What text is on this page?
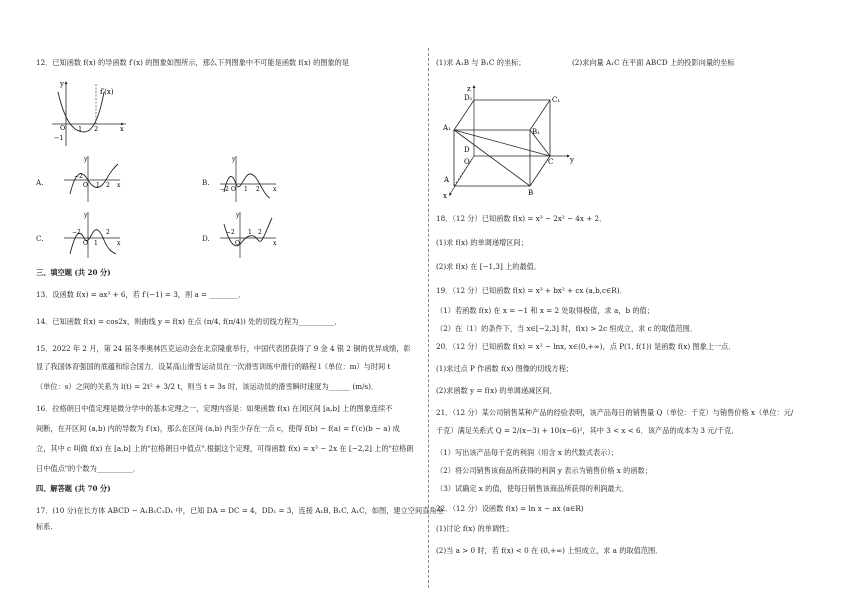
12．已知函数 f(x) 的导函数 f′(x) 的图象如图所示，那么下列图象中不可能是函数 f(x) 的图象的是
y
O 1 2	x
−1
f′(x)
A.
y
−2
O 1 2 x	B.
y
−2 O 1 2 x
C.
y
−2
O 1
2
x
D.
y
−2
O
1 2
x
三、填空题 (共 20 分)
13．设函数 f(x) = ax³ + 6，若 f′(−1) = 3，则 a = ________．
14．已知函数 f(x) = cos2x，则曲线 y = f(x) 在点 (π/4, f(π/4)) 处的切线方程为__________．
15．2022 年 2 月，第 24 届冬季奥林匹克运动会在北京隆重举行，中国代表团获得了 9 金 4 银 2 铜的优异成绩，彰
显了我国体育强国的底蕴和综合国力．设某高山滑雪运动员在一次滑雪训练中滑行的路程 l（单位：m）与时间 t
（单位：s）之间的关系为 l(t) = 2t² + 3/2 t，则当 t = 3s 时，该运动员的滑雪瞬时速度为______ (m/s)．
16．拉格朗日中值定理是微分学中的基本定理之一，定理内容是：如果函数 f(x) 在闭区间 [a,b] 上的图象连续不
间断，在开区间 (a,b) 内的导数为 f′(x)，那么在区间 (a,b) 内至少存在一点 c，使得 f(b) − f(a) = f′(c)(b − a) 成
立，其中 c 叫做 f(x) 在 [a,b] 上的"拉格朗日中值点".根据这个定理，可得函数 f(x) = x³ − 2x 在 [−2,2] 上的"拉格朗
日中值点"的个数为__________．
四、解答题 (共 70 分)
17．(10 分)在长方体 ABCD − A₁B₁C₁D₁ 中，已知 DA = DC = 4，DD₁ = 3，连接 A₁B, B₁C, A₁C，如图，建立空间直角坐
标系.
(1)求 A₁B 与 B₁C 的坐标；	(2)求向量 A₁C 在平面 ABCD 上的投影向量的坐标
z
D₁	C₁
A₁	B₁
D
O	C y
A
B
x
18．（12 分）已知函数 f(x) = x³ − 2x² − 4x + 2．
(1)求 f(x) 的单调递增区间；
(2)求 f(x) 在 [−1,3] 上的最值．
19．（12 分）已知函数 f(x) = x³ + bx² + cx (a,b,c∈R)．
（1）若函数 f(x) 在 x = −1 和 x = 2 处取得极值，求 a，b 的值；
（2）在（1）的条件下，当 x∈[−2,3] 时，f(x) > 2c 恒成立，求 c 的取值范围．
20．（12 分）已知函数 f(x) = x² − lnx, x∈(0,+∞)，点 P(1, f(1)) 是函数 f(x) 图象上一点．
(1)求过点 P 作函数 f(x) 图像的切线方程；
(2)求函数 y = f(x) 的单调递减区间．
21．（12 分）某公司销售某种产品的经验表明，该产品每日的销售量 Q（单位：千克）与销售价格 x（单位：元/
千克）满足关系式 Q = 2/(x−3) + 10(x−6)²，其中 3 < x < 6．该产品的成本为 3 元/千克．
（1）写出该产品每千克的利润（用含 x 的代数式表示）；
（2）将公司销售该商品所获得的利润 y 表示为销售价格 x 的函数；
（3）试确定 x 的值，使每日销售该商品所获得的利润最大．
22．（12 分）设函数 f(x) = ln x − ax (a∈R)
(1)讨论 f(x) 的单调性；
(2)当 a > 0 时，若 f(x) < 0 在 (0,+∞) 上恒成立，求 a 的取值范围．
